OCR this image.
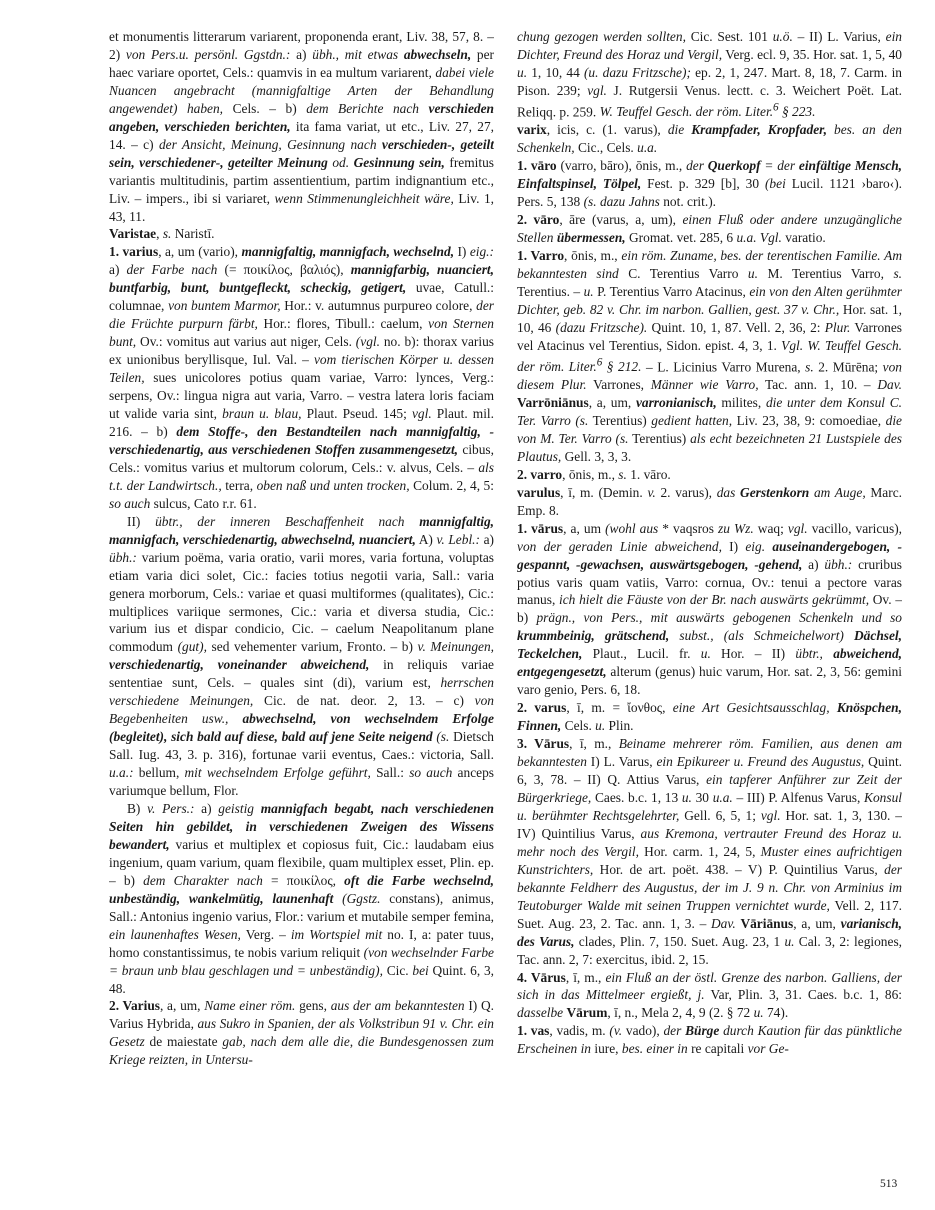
et monumentis litterarum variarent, proponenda erant, Liv. 38, 57, 8. – 2) von Pers.u. persönl. Ggstdn.: a) übh., mit etwas abwechseln, per haec variare oportet, Cels.: quamvis in ea multum variarent, dabei viele Nuancen angebracht (mannigfaltige Arten der Behandlung angewendet) haben, Cels. – b) dem Berichte nach verschieden angeben, verschieden berichten, ita fama variat, ut etc., Liv. 27, 27, 14. – c) der Ansicht, Meinung, Gesinnung nach verschieden-, geteilt sein, verschiedener-, geteilter Meinung od. Gesinnung sein, fremitus variantis multitudinis, partim assentientium, partim indignantium etc., Liv. – impers., ibi si variaret, wenn Stimmenungleichheit wäre, Liv. 1, 43, 11.

Varistae, s. Naristī.

1. varius, a, um (vario), mannigfaltig, mannigfach, wechselnd, I) eig.: a) der Farbe nach (= ποικίλος, βαλιός), mannigfarbig, nuanciert, buntfarbig, bunt, buntgefleckt, scheckig, getigert, uvae, Catull.: columnae, von buntem Marmor, Hor.: v. autumnus purpureo colore, der die Früchte purpurn färbt, Hor.: flores, Tibull.: caelum, von Sternen bunt, Ov.: vomitus aut varius aut niger, Cels. (vgl. no. b): thorax varius ex unionibus beryllisque, Iul. Val. – vom tierischen Körper u. dessen Teilen, sues unicolores potius quam variae, Varro: lynces, Verg.: serpens, Ov.: lingua nigra aut varia, Varro. – vestra latera loris faciam ut valide varia sint, braun u. blau, Plaut. Pseud. 145; vgl. Plaut. mil. 216. – b) dem Stoffe-, den Bestandteilen nach mannigfaltig, -verschiedenartig, aus verschiedenen Stoffen zusammengesetzt, cibus, Cels.: vomitus varius et multorum colorum, Cels.: v. alvus, Cels. – als t.t. der Landwirtsch., terra, oben naß und unten trocken, Colum. 2, 4, 5: so auch sulcus, Cato r.r. 61.

II) übtr., der inneren Beschaffenheit nach mannigfaltig, mannigfach, verschiedenartig, abwechselnd, nuanciert, A) v. Lebl.: a) übh.: varium poëma, varia oratio, varii mores, varia fortuna, voluptas etiam varia dici solet, Cic.: facies totius negotii varia, Sall.: varia genera morborum, Cels.: variae et quasi multiformes (qualitates), Cic.: multiplices variique sermones, Cic.: varia et diversa studia, Cic.: varium ius et dispar condicio, Cic. – caelum Neapolitanum plane commodum (gut), sed vehementer varium, Fronto. – b) v. Meinungen, verschiedenartig, voneinander abweichend, in reliquis variae sententiae sunt, Cels. – quales sint (di), varium est, herrschen verschiedene Meinungen, Cic. de nat. deor. 2, 13. – c) von Begebenheiten usw., abwechselnd, von wechselndem Erfolge (begleitet), sich bald auf diese, bald auf jene Seite neigend (s. Dietsch Sall. Iug. 43, 3. p. 316), fortunae varii eventus, Caes.: victoria, Sall. u.a.: bellum, mit wechselndem Erfolge geführt, Sall.: so auch anceps variumque bellum, Flor.

B) v. Pers.: a) geistig mannigfach begabt, nach verschiedenen Seiten hin gebildet, in verschiedenen Zweigen des Wissens bewandert, varius et multiplex et copiosus fuit, Cic.: laudabam eius ingenium, quam varium, quam flexibile, quam multiplex esset, Plin. ep. – b) dem Charakter nach = ποικίλος, oft die Farbe wechselnd, unbeständig, wankelmütig, launenhaft (Ggstz. constans), animus, Sall.: Antonius ingenio varius, Flor.: varium et mutabile semper femina, ein launenhaftes Wesen, Verg. – im Wortspiel mit no. I, a: pater tuus, homo constantissimus, te nobis varium reliquit (von wechselnder Farbe = braun unb blau geschlagen und = unbeständig), Cic. bei Quint. 6, 3, 48.

2. Varius, a, um, Name einer röm. gens, aus der am bekanntesten I) Q. Varius Hybrida, aus Sukro in Spanien, der als Volkstribun 91 v. Chr. ein Gesetz de maiestate gab, nach dem alle die, die Bundesgenossen zum Kriege reizten, in Untersu-

chung gezogen werden sollten, Cic. Sest. 101 u.ö. – II) L. Varius, ein Dichter, Freund des Horaz und Vergil, Verg. ecl. 9, 35. Hor. sat. 1, 5, 40 u. 1, 10, 44 (u. dazu Fritzsche); ep. 2, 1, 247. Mart. 8, 18, 7. Carm. in Pison. 239; vgl. J. Rutgersii Venus. lectt. c. 3. Weichert Poët. Lat. Reliqq. p. 259. W. Teuffel Gesch. der röm. Liter.$^6$ § 223.

varix, icis, c. (1. varus), die Krampfader, Kropfader, bes. an den Schenkeln, Cic., Cels. u.a.

1. vāro (varro, bāro), ōnis, m., der Querkopf = der einfältige Mensch, Einfaltspinsel, Tölpel, Fest. p. 329 [b], 30 (bei Lucil. 1121 ›baro‹). Pers. 5, 138 (s. dazu Jahns not. crit.).

2. vāro, āre (varus, a, um), einen Fluß oder andere unzugängliche Stellen übermessen, Gromat. vet. 285, 6 u.a. Vgl. varatio.

1. Varro, ōnis, m., ein röm. Zuname, bes. der terentischen Familie. Am bekanntesten sind C. Terentius Varro u. M. Terentius Varro, s. Terentius. – u. P. Terentius Varro Atacinus, ein von den Alten gerühmter Dichter, geb. 82 v. Chr. im narbon. Gallien, gest. 37 v. Chr., Hor. sat. 1, 10, 46 (dazu Fritzsche). Quint. 10, 1, 87. Vell. 2, 36, 2: Plur. Varrones vel Atacinus vel Terentius, Sidon. epist. 4, 3, 1. Vgl. W. Teuffel Gesch. der röm. Liter.$^6$ § 212. – L. Licinius Varro Murena, s. 2. Mūrēna; von diesem Plur. Varrones, Männer wie Varro, Tac. ann. 1, 10. – Dav. Varrōniānus, a, um, varronianisch, milites, die unter dem Konsul C. Ter. Varro (s. Terentius) gedient hatten, Liv. 23, 38, 9: comoediae, die von M. Ter. Varro (s. Terentius) als echt bezeichneten 21 Lustspiele des Plautus, Gell. 3, 3, 3.

2. varro, ōnis, m., s. 1. vāro.

varulus, ī, m. (Demin. v. 2. varus), das Gerstenkorn am Auge, Marc. Emp. 8.

1. vārus, a, um (wohl aus * vaqsros zu Wz. waq; vgl. vacillo, varicus), von der geraden Linie abweichend, I) eig. auseinandergebogen, -gespannt, -gewachsen, auswärtsgebogen, -gehend, a) übh.: cruribus potius varis quam vatiis, Varro: cornua, Ov.: tenui a pectore varas manus, ich hielt die Fäuste von der Br. nach auswärts gekrümmt, Ov. – b) prägn., von Pers., mit auswärts gebogenen Schenkeln und so krummbeinig, grätschend, subst., (als Schmeichelwort) Dächsel, Teckelchen, Plaut., Lucil. fr. u. Hor. – II) übtr., abweichend, entgegengesetzt, alterum (genus) huic varum, Hor. sat. 2, 3, 56: gemini varo genio, Pers. 6, 18.

2. varus, ī, m. = ἴονθος, eine Art Gesichtsausschlag, Knöspchen, Finnen, Cels. u. Plin.

3. Vārus, ī, m., Beiname mehrerer röm. Familien, aus denen am bekanntesten I) L. Varus, ein Epikureer u. Freund des Augustus, Quint. 6, 3, 78. – II) Q. Attius Varus, ein tapferer Anführer zur Zeit der Bürgerkriege, Caes. b.c. 1, 13 u. 30 u.a. – III) P. Alfenus Varus, Konsul u. berühmter Rechtsgelehrter, Gell. 6, 5, 1; vgl. Hor. sat. 1, 3, 130. – IV) Quintilius Varus, aus Kremona, vertrauter Freund des Horaz u. mehr noch des Vergil, Hor. carm. 1, 24, 5, Muster eines aufrichtigen Kunstrichters, Hor. de art. poët. 438. – V) P. Quintilius Varus, der bekannte Feldherr des Augustus, der im J. 9 n. Chr. von Arminius im Teutoburger Walde mit seinen Truppen vernichtet wurde, Vell. 2, 117. Suet. Aug. 23, 2. Tac. ann. 1, 3. – Dav. Vāriānus, a, um, varianisch, des Varus, clades, Plin. 7, 150. Suet. Aug. 23, 1 u. Cal. 3, 2: legiones, Tac. ann. 2, 7: exercitus, ibid. 2, 15.

4. Vārus, ī, m., ein Fluß an der östl. Grenze des narbon. Galliens, der sich in das Mittelmeer ergießt, j. Var, Plin. 3, 31. Caes. b.c. 1, 86: dasselbe Vārum, ī, n., Mela 2, 4, 9 (2. § 72 u. 74).

1. vas, vadis, m. (v. vado), der Bürge durch Kaution für das pünktliche Erscheinen in iure, bes. einer in re capitali vor Ge-

513
